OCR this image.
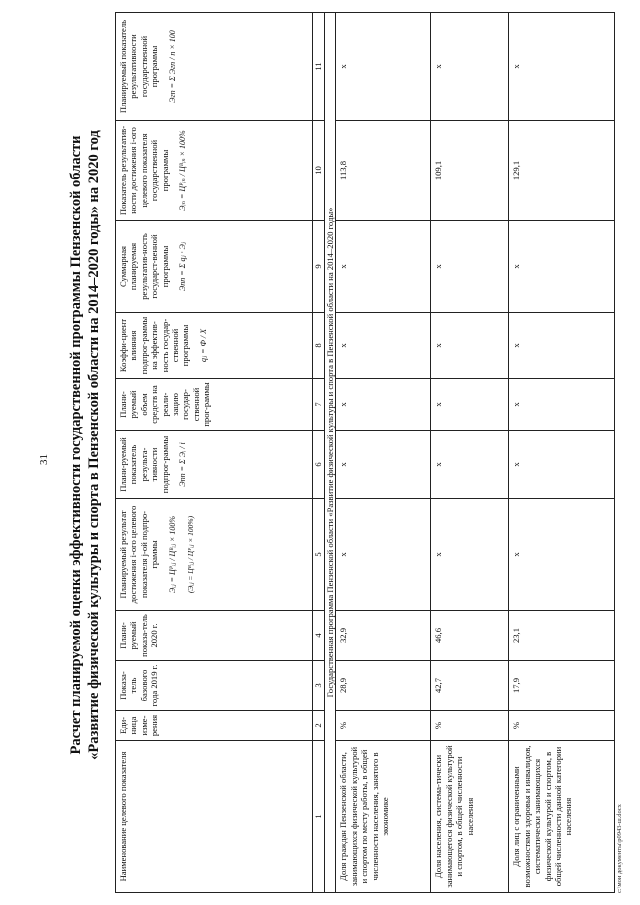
31 Расчет планируемой оценки эффективности государственной программы Пензенской области «Развитие физической культуры и спорта в Пензенской области на 2014–2020 годы» на 2020 год
Наименование целевого показателя	Еди-ница изме-рения	Показа-тель базового года 2019 г.	Плани-руемый показа-тель 2020 г.	Планируемый результат достижения i-ого целевого показателя j-ой подпро-граммы Эᵢⱼ = Цᴾᵢⱼ / Цᴮᵢⱼ × 100% (Эᵢⱼ = Цᴮᵢⱼ / Цᴾᵢⱼ × 100%)	Плани-руемый показатель результа-тивности подпрог-раммы Эпп = Σ Эᵢ / i	Плани-руемый объем средств на реали-зацию государ-ственной прог-раммы	Коэффи-циент влияния подпрог-раммы на эффектив-ность государ-ственной программы qⱼ = Ф / Х	Суммарная планируемая результатив-ность государст-венной программы Эпп = Σ qⱼ · Эⱼ	Показатель результатив-ности достижения i-ого целевого показателя государственной программы Эᵢₙ = Цᴾᵢₙ / Цᴮᵢₙ × 100%	Планируемый показатель результативности государственной программы Эгп = Σ Эгп / n × 100

1	2	3	4	5	6	7	8	9	10	11
Государственная программа Пензенской области «Развитие физической культуры и спорта в Пензенской области на 2014–2020 годы»										
Доля граждан Пензенской области, занимающихся физической культурой и спортом по месту работы, в общей численности населения, занятого в экономике	%	28,9	32,9	х	х	х	х	х	113,8	х
Доля населения, система-тически занимающегося физической культурой и спортом, в общей численности населения	%	42,7	46,6	х	х	х	х	х	109,1	х
Доля лиц с ограниченными возможностями здоровья и инвалидов, систематически занимающихся физической культурой и спортом, в общей численности данной категории населения	%	17,9	23,1	х	х	х	х	х	129,1	х
c:\мои документы\p0943-ш.docx
